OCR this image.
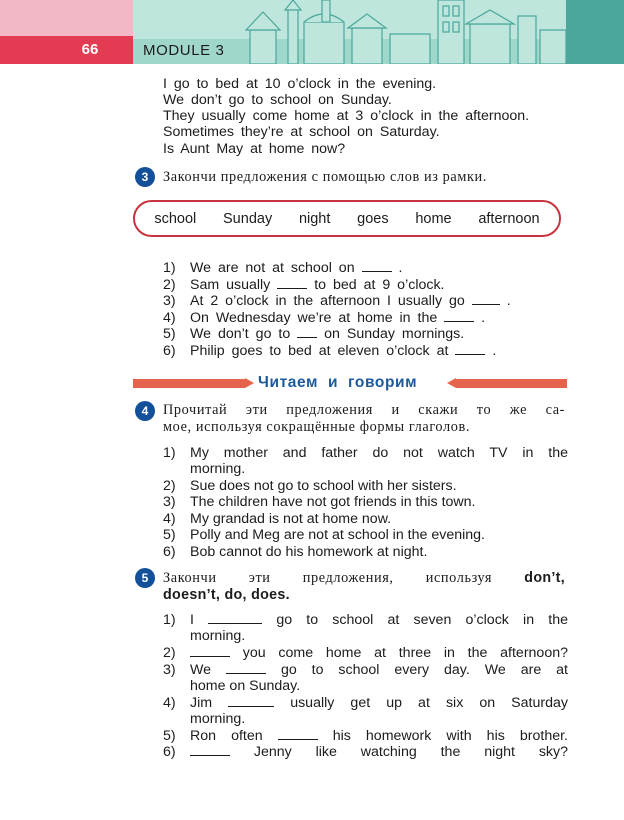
66	MODULE 3
I go to bed at 10 o’clock in the evening.
We don’t go to school on Sunday.
They usually come home at 3 o’clock in the afternoon.
Sometimes they’re at school on Saturday.
Is Aunt May at home now?
3	Закончи предложения с помощью слов из рамки.
school Sunday night goes home afternoon
1) We are not at school on	.
2) Sam usually	to bed at 9 o’clock.
3) At 2 o’clock in the afternoon I usually go	.
4) On Wednesday we’re at home in the	.
5) We don’t go to on Sunday mornings.
6) Philip goes to bed at eleven o’clock at	.
Читаем и говорим
4	Прочитай эти предложения и скажи то же са-
мое, используя сокращённые формы глаголов.
1) My mother and father do not watch TV in the
morning.
2) Sue does not go to school with her sisters.
3) The children have not got friends in this town.
4) My grandad is not at home now.
5) Polly and Meg are not at school in the evening.
6) Bob cannot do his homework at night.
5	Закончи эти предложения, используя don’t,
doesn’t, do, does.
1) I	go to school at seven o’clock in the
morning.
2)	you come home at three in the afternoon?
3) We	go to school every day. We are at
home on Sunday.
4) Jim	usually get up at six on Saturday
morning.
5) Ron often	his homework with his brother.
6)	Jenny like watching the night sky?
